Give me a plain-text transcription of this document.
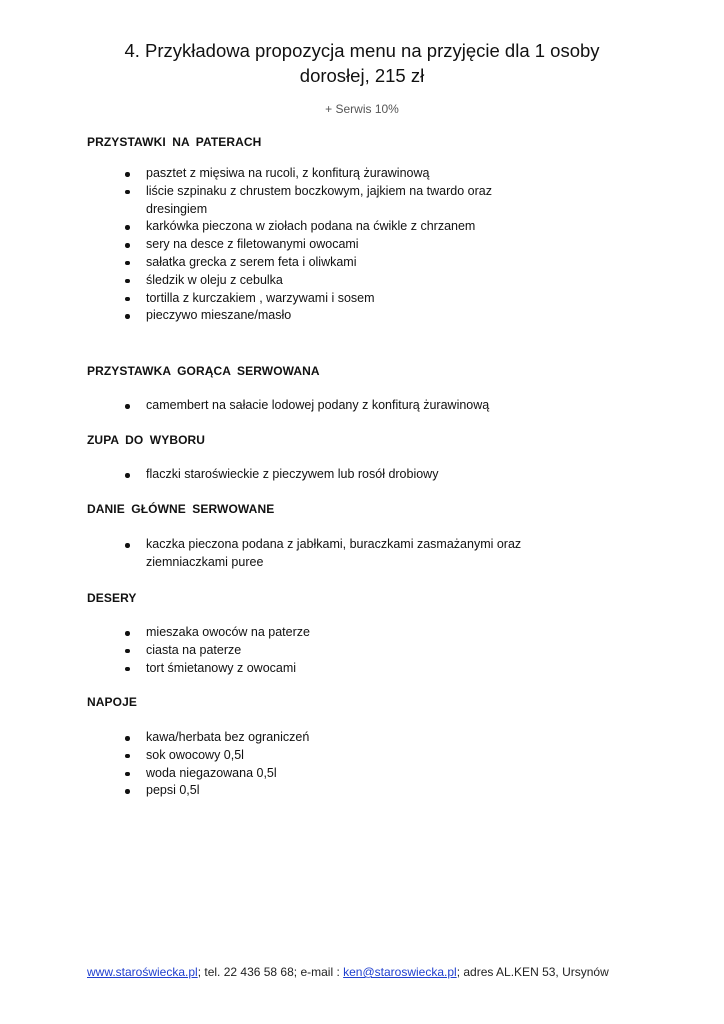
4. Przykładowa propozycja menu na przyjęcie dla 1 osoby
dorosłej, 215 zł
+ Serwis 10%
PRZYSTAWKI NA PATERACH
pasztet z mięsiwa na rucoli, z konfiturą żurawinową
liście szpinaku z chrustem boczkowym, jajkiem na twardo oraz dresingiem
karkówka pieczona w ziołach podana na ćwikle z chrzanem
sery na desce z filetowanymi owocami
sałatka grecka z serem feta i oliwkami
śledzik w oleju z cebulka
tortilla z kurczakiem , warzywami i sosem
pieczywo mieszane/masło
PRZYSTAWKA GORĄCA SERWOWANA
camembert na sałacie lodowej podany z konfiturą żurawinową
ZUPA DO WYBORU
flaczki staroświeckie z pieczywem lub rosół drobiowy
DANIE GŁÓWNE SERWOWANE
kaczka pieczona podana z jabłkami, buraczkami zasmażanymi oraz ziemniaczkami puree
DESERY
mieszaka owoców na paterze
ciasta na paterze
tort śmietanowy z owocami
NAPOJE
kawa/herbata bez ograniczeń
sok owocowy 0,5l
woda niegazowana 0,5l
pepsi 0,5l
www.staroświecka.pl; tel. 22 436 58 68; e-mail : ken@staroswiecka.pl; adres AL.KEN 53, Ursynów
